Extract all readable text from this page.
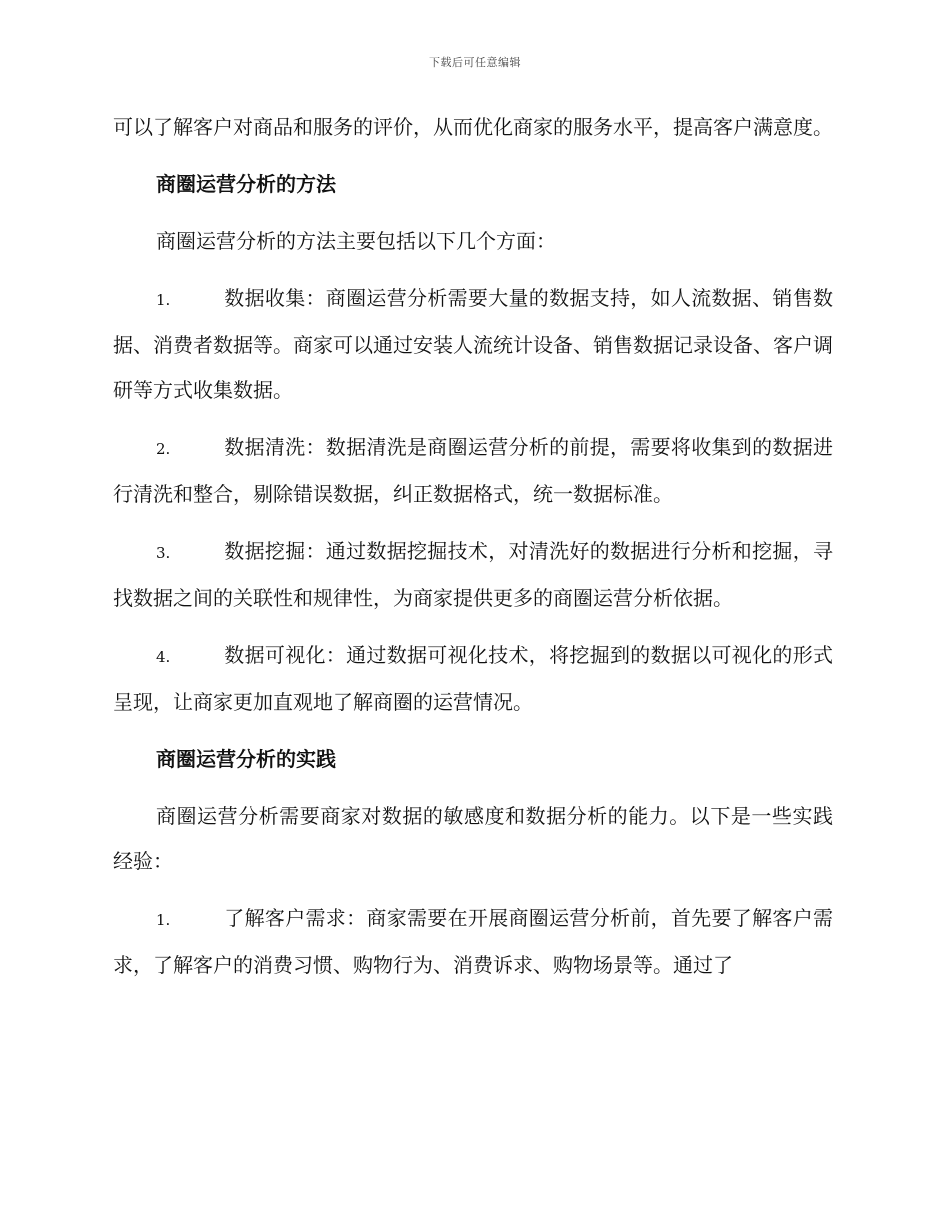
下载后可任意编辑

可以了解客户对商品和服务的评价，从而优化商家的服务水平，提高客户满意度。

商圈运营分析的方法

商圈运营分析的方法主要包括以下几个方面：

1.	数据收集：商圈运营分析需要大量的数据支持，如人流数据、销售数据、消费者数据等。商家可以通过安装人流统计设备、销售数据记录设备、客户调研等方式收集数据。

2.	数据清洗：数据清洗是商圈运营分析的前提，需要将收集到的数据进行清洗和整合，剔除错误数据，纠正数据格式，统一数据标准。

3.	数据挖掘：通过数据挖掘技术，对清洗好的数据进行分析和挖掘，寻找数据之间的关联性和规律性，为商家提供更多的商圈运营分析依据。

4.	数据可视化：通过数据可视化技术，将挖掘到的数据以可视化的形式呈现，让商家更加直观地了解商圈的运营情况。

商圈运营分析的实践

商圈运营分析需要商家对数据的敏感度和数据分析的能力。以下是一些实践经验：

1.	了解客户需求：商家需要在开展商圈运营分析前，首先要了解客户需求，了解客户的消费习惯、购物行为、消费诉求、购物场景等。通过了
